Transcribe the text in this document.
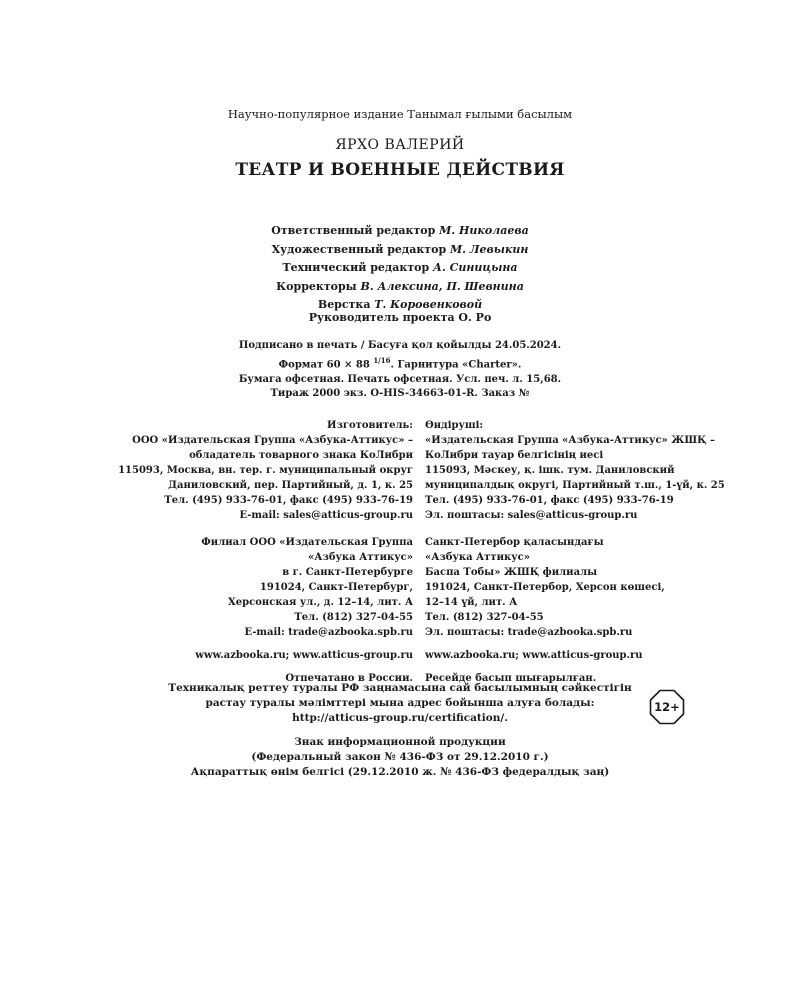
Научно-популярное издание Танымал ғылыми басылым
ЯРХО ВАЛЕРИЙ
ТЕАТР И ВОЕННЫЕ ДЕЙСТВИЯ
Ответственный редактор М. Николаева
Художественный редактор М. Левыкин
Технический редактор А. Синицына
Корректоры В. Алексина, П. Шевнина
Верстка Т. Коровенковой
Руководитель проекта О. Ро
Подписано в печать / Басуға қол қойылды 24.05.2024.
Формат 60 × 88 $^{1/16}$. Гарнитура «Charter».
Бумага офсетная. Печать офсетная. Усл. печ. л. 15,68.
Тираж 2000 экз. О-HIS-34663-01-R. Заказ №
Изготовитель:
ООО «Издательская Группа «Азбука-Аттикус» –
обладатель товарного знака КоЛибри
115093, Москва, вн. тер. г. муниципальный округ
Даниловский, пер. Партийный, д. 1, к. 25
Тел. (495) 933-76-01, факс (495) 933-76-19
E-mail: sales@atticus-group.ru
Филиал ООО «Издательская Группа
«Азбука Аттикус»
в г. Санкт-Петербурге
191024, Санкт-Петербург,
Херсонская ул., д. 12–14, лит. А
Тел. (812) 327-04-55
E-mail: trade@azbooka.spb.ru
www.azbooka.ru; www.atticus-group.ru
Отпечатано в России.
Өндіруші:
«Издательская Группа «Азбука-Аттикус» ЖШҚ –
КоЛибри тауар белгісінің иесі
115093, Мәскеу, қ. ішк. тум. Даниловский
муниципалдық округі, Партийный т.ш., 1-үй, к. 25
Тел. (495) 933-76-01, факс (495) 933-76-19
Эл. поштасы: sales@atticus-group.ru
Санкт-Петербор қаласындағы
«Азбука Аттикус»
Баспа Тобы» ЖШҚ филиалы
191024, Санкт-Петербор, Херсон көшесі,
12–14 үй, лит. А
Тел. (812) 327-04-55
Эл. поштасы: trade@azbooka.spb.ru
www.azbooka.ru; www.atticus-group.ru
Ресейде басып шығарылған.
Техникалық реттеу туралы РФ заңнамасына сай басылымның сәйкестігін
растау туралы мәлімттері мына адрес бойынша алуға болады:
http://atticus-group.ru/certification/.
12+
Знак информационной продукции
(Федеральный закон № 436-ФЗ от 29.12.2010 г.)
Ақпараттық өнім белгісі (29.12.2010 ж. № 436-ФЗ федералдық заң)
